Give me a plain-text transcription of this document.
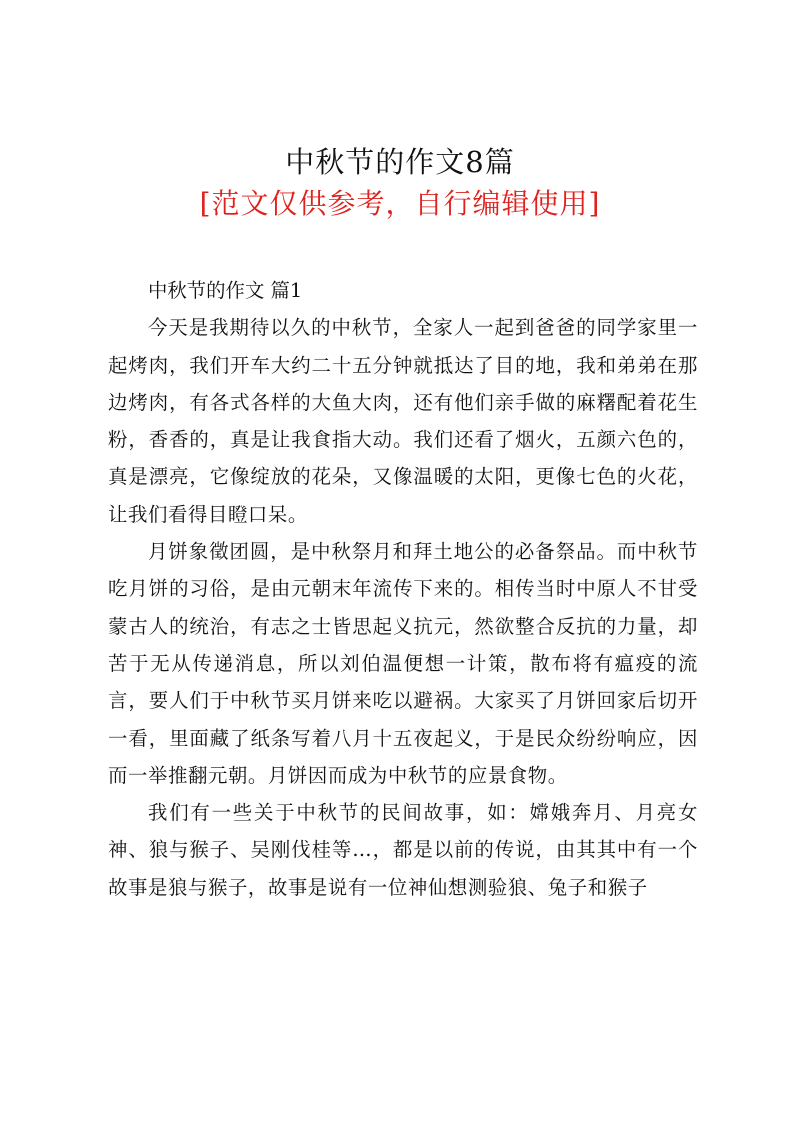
中秋节的作文8篇
[范文仅供参考，自行编辑使用]

中秋节的作文 篇1

今天是我期待以久的中秋节，全家人一起到爸爸的同学家里一起烤肉，我们开车大约二十五分钟就抵达了目的地，我和弟弟在那边烤肉，有各式各样的大鱼大肉，还有他们亲手做的麻糬配着花生粉，香香的，真是让我食指大动。我们还看了烟火，五颜六色的，真是漂亮，它像绽放的花朵，又像温暖的太阳，更像七色的火花，让我们看得目瞪口呆。

月饼象徵团圆，是中秋祭月和拜土地公的必备祭品。而中秋节吃月饼的习俗，是由元朝末年流传下来的。相传当时中原人不甘受蒙古人的统治，有志之士皆思起义抗元，然欲整合反抗的力量，却苦于无从传递消息，所以刘伯温便想一计策，散布将有瘟疫的流言，要人们于中秋节买月饼来吃以避祸。大家买了月饼回家后切开一看，里面藏了纸条写着八月十五夜起义，于是民众纷纷响应，因而一举推翻元朝。月饼因而成为中秋节的应景食物。

我们有一些关于中秋节的民间故事，如：嫦娥奔月、月亮女神、狼与猴子、吴刚伐桂等…，都是以前的传说，由其其中有一个故事是狼与猴子，故事是说有一位神仙想测验狼、兔子和猴子
